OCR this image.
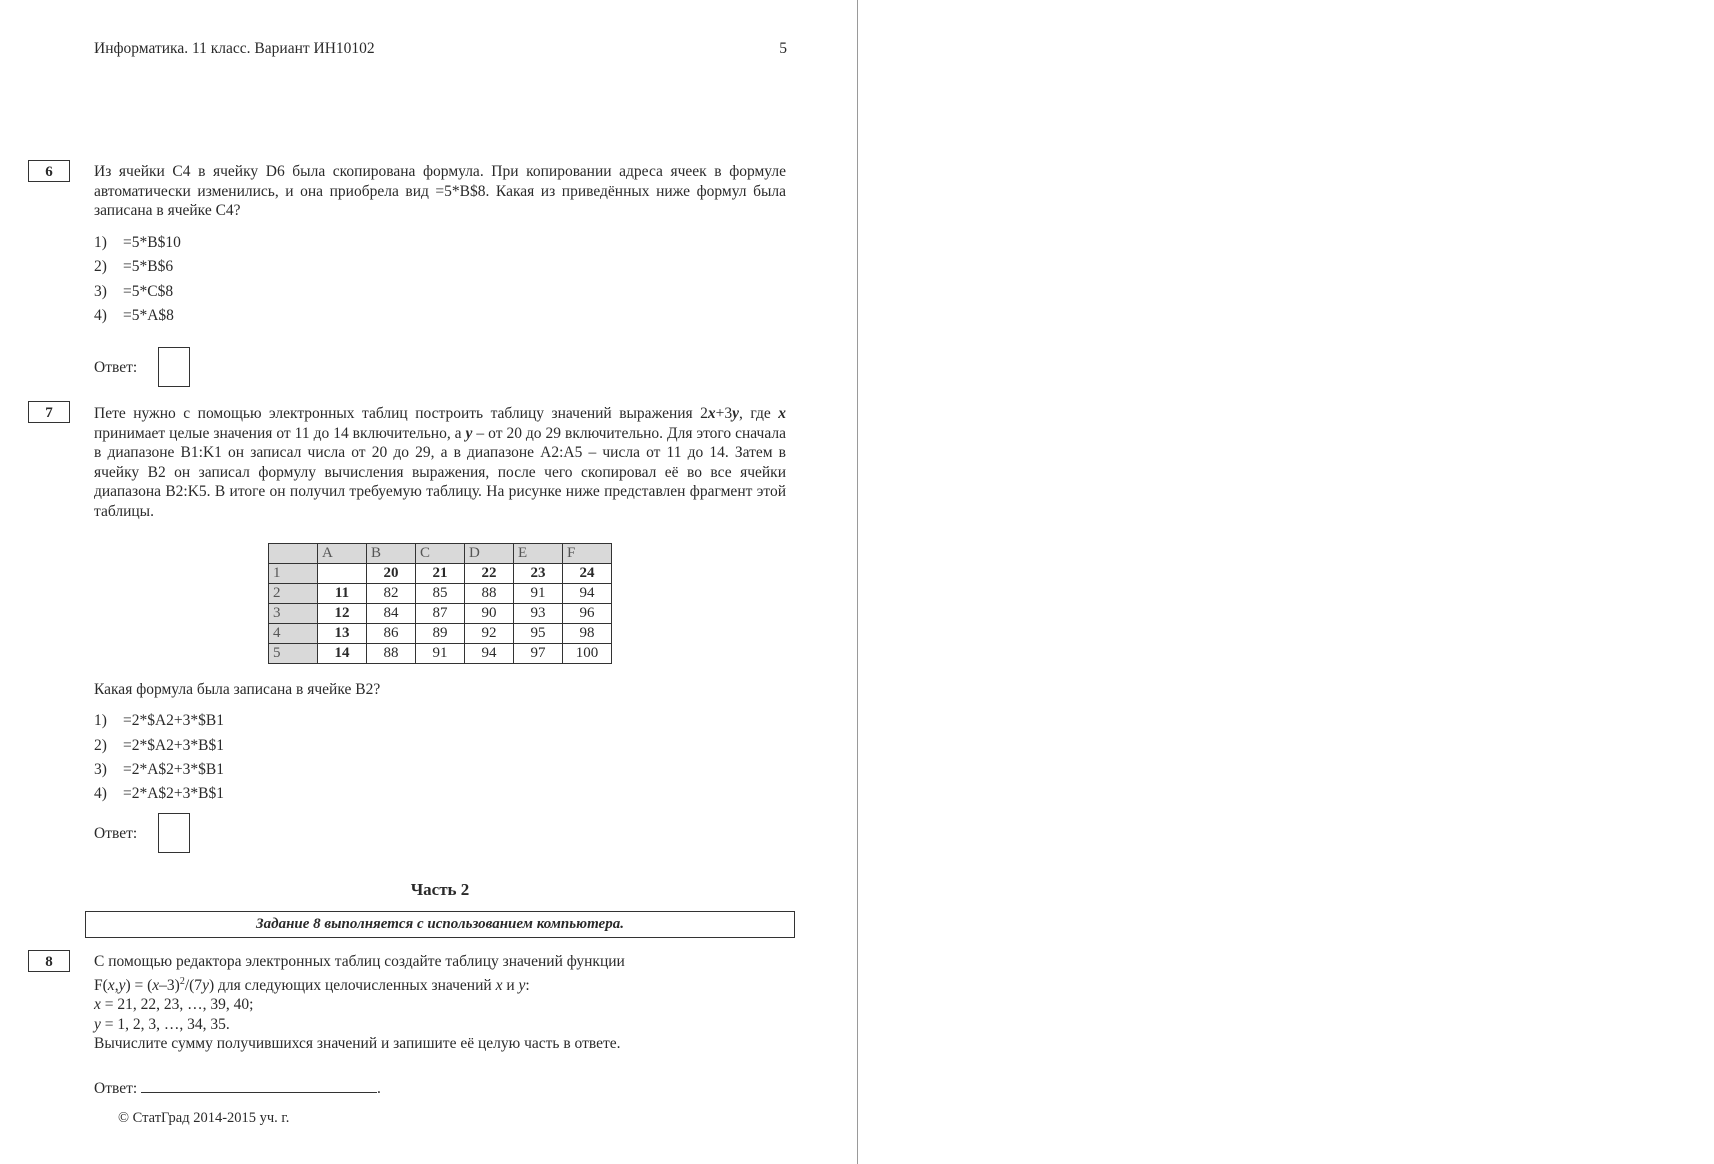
Информатика. 11 класс. Вариант ИН10102	5
6	Из ячейки C4 в ячейку D6 была скопирована формула. При копировании адреса ячеек в формуле автоматически изменились, и она приобрела вид =5*B$8. Какая из приведённых ниже формул была записана в ячейке C4?
1) =5*B$10
2) =5*B$6
3) =5*C$8
4) =5*A$8
Ответ:
7	Пете нужно с помощью электронных таблиц построить таблицу значений выражения 2x+3y, где x принимает целые значения от 11 до 14 включительно, а y – от 20 до 29 включительно. Для этого сначала в диапазоне B1:K1 он записал числа от 20 до 29, а в диапазоне A2:A5 – числа от 11 до 14. Затем в ячейку B2 он записал формулу вычисления выражения, после чего скопировал её во все ячейки диапазона B2:K5. В итоге он получил требуемую таблицу. На рисунке ниже представлен фрагмент этой таблицы.
	A	B	C	D	E	F
1		20	21	22	23	24
2	11	82	85	88	91	94
3	12	84	87	90	93	96
4	13	86	89	92	95	98
5	14	88	91	94	97	100
Какая формула была записана в ячейке B2?
1) =2*$A2+3*$B1
2) =2*$A2+3*B$1
3) =2*A$2+3*$B1
4) =2*A$2+3*B$1
Ответ:
Часть 2
Задание 8 выполняется с использованием компьютера.
8	С помощью редактора электронных таблиц создайте таблицу значений функции
$F(x,y) = (x-3)^2/(7y)$ для следующих целочисленных значений x и y:
x = 21, 22, 23, …, 39, 40;
y = 1, 2, 3, …, 34, 35.
Вычислите сумму получившихся значений и запишите её целую часть в ответе.
Ответ:	.
© СтатГрад 2014-2015 уч. г.
